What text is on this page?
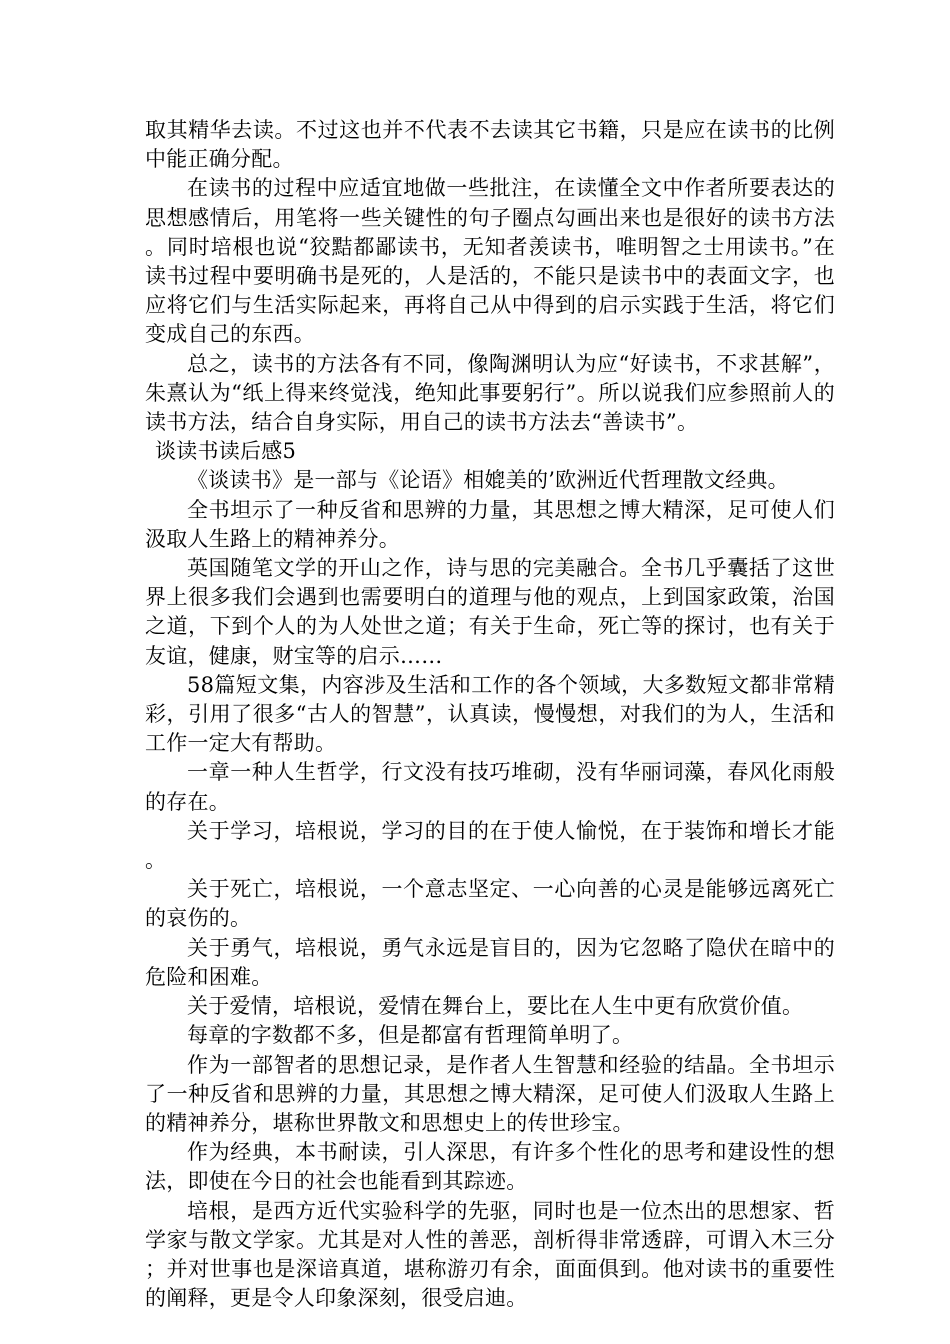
取其精华去读。不过这也并不代表不去读其它书籍，只是应在读书的比例中能正确分配。

在读书的过程中应适宜地做一些批注，在读懂全文中作者所要表达的思想感情后，用笔将一些关键性的句子圈点勾画出来也是很好的读书方法。同时培根也说“狡黠都鄙读书，无知者羡读书，唯明智之士用读书。”在读书过程中要明确书是死的，人是活的，不能只是读书中的表面文字，也应将它们与生活实际起来，再将自己从中得到的启示实践于生活，将它们变成自己的东西。

总之，读书的方法各有不同，像陶渊明认为应“好读书，不求甚解”，朱熹认为“纸上得来终觉浅，绝知此事要躬行”。所以说我们应参照前人的读书方法，结合自身实际，用自己的读书方法去“善读书”。

谈读书读后感5

《谈读书》是一部与《论语》相媲美的’欧洲近代哲理散文经典。

全书坦示了一种反省和思辨的力量，其思想之博大精深，足可使人们汲取人生路上的精神养分。

英国随笔文学的开山之作，诗与思的完美融合。全书几乎囊括了这世界上很多我们会遇到也需要明白的道理与他的观点，上到国家政策，治国之道，下到个人的为人处世之道；有关于生命，死亡等的探讨，也有关于友谊，健康，财宝等的启示……

58篇短文集，内容涉及生活和工作的各个领域，大多数短文都非常精彩，引用了很多“古人的智慧”，认真读，慢慢想，对我们的为人，生活和工作一定大有帮助。

一章一种人生哲学，行文没有技巧堆砌，没有华丽词藻，春风化雨般的存在。

关于学习，培根说，学习的目的在于使人愉悦，在于装饰和增长才能。

关于死亡，培根说，一个意志坚定、一心向善的心灵是能够远离死亡的哀伤的。

关于勇气，培根说，勇气永远是盲目的，因为它忽略了隐伏在暗中的危险和困难。

关于爱情，培根说，爱情在舞台上，要比在人生中更有欣赏价值。

每章的字数都不多，但是都富有哲理简单明了。

作为一部智者的思想记录，是作者人生智慧和经验的结晶。全书坦示了一种反省和思辨的力量，其思想之博大精深，足可使人们汲取人生路上的精神养分，堪称世界散文和思想史上的传世珍宝。

作为经典，本书耐读，引人深思，有许多个性化的思考和建设性的想法，即使在今日的社会也能看到其踪迹。

培根，是西方近代实验科学的先驱，同时也是一位杰出的思想家、哲学家与散文学家。尤其是对人性的善恶，剖析得非常透辟，可谓入木三分；并对世事也是深谙真道，堪称游刃有余，面面俱到。他对读书的重要性的阐释，更是令人印象深刻，很受启迪。
